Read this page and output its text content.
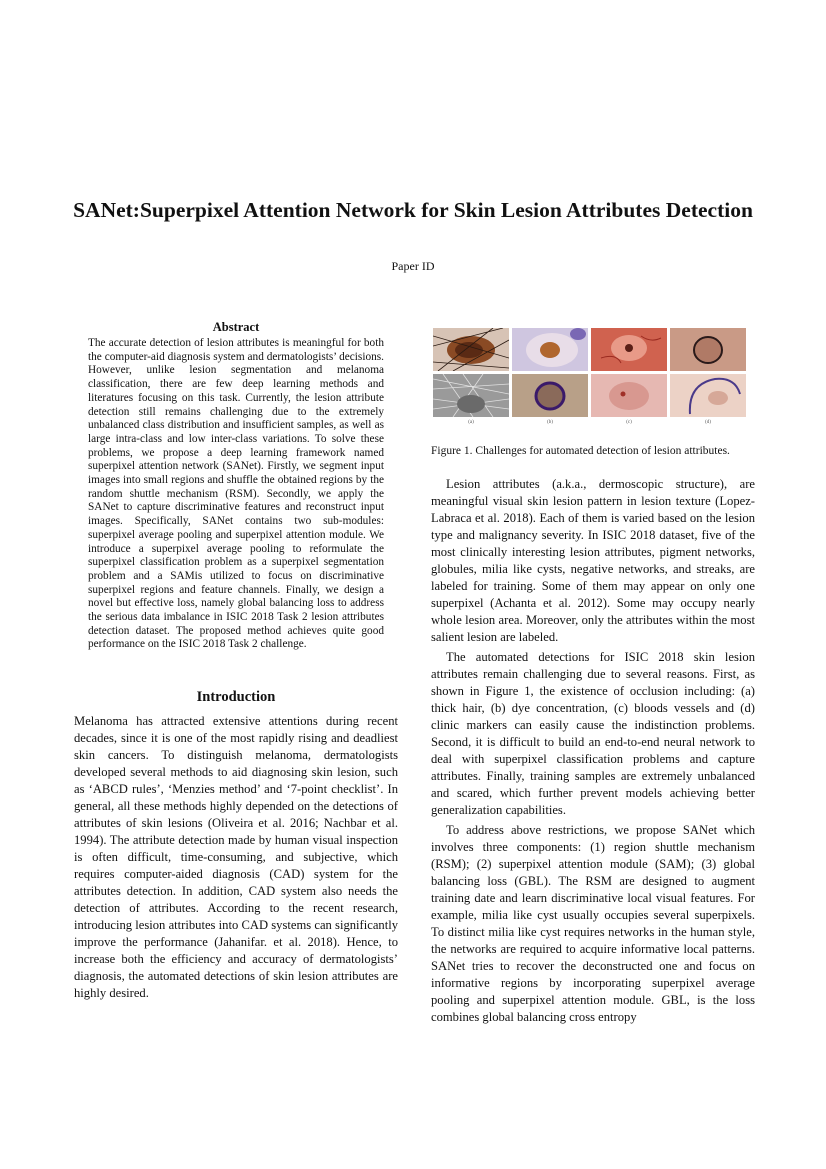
SANet:Superpixel Attention Network for Skin Lesion Attributes Detection
Paper ID
Abstract

The accurate detection of lesion attributes is meaningful for both the computer-aid diagnosis system and dermatologists’ decisions. However, unlike lesion segmentation and melanoma classification, there are few deep learning methods and literatures focusing on this task. Currently, the lesion attribute detection still remains challenging due to the extremely unbalanced class distribution and insufficient samples, as well as large intra-class and low inter-class variations. To solve these problems, we propose a deep learning framework named superpixel attention network (SANet). Firstly, we segment input images into small regions and shuffle the obtained regions by the random shuttle mechanism (RSM). Secondly, we apply the SANet to capture discriminative features and reconstruct input images. Specifically, SANet contains two sub-modules: superpixel average pooling and superpixel attention module. We introduce a superpixel average pooling to reformulate the superpixel classification problem as a superpixel segmentation problem and a SAMis utilized to focus on discriminative superpixel regions and feature channels. Finally, we design a novel but effective loss, namely global balancing loss to address the serious data imbalance in ISIC 2018 Task 2 lesion attributes detection dataset. The proposed method achieves quite good performance on the ISIC 2018 Task 2 challenge.

Introduction

Melanoma has attracted extensive attentions during recent decades, since it is one of the most rapidly rising and deadliest skin cancers. To distinguish melanoma, dermatologists developed several methods to aid diagnosing skin lesion, such as ‘ABCD rules’, ‘Menzies method’ and ‘7-point checklist’. In general, all these methods highly depended on the detections of attributes of skin lesions (Oliveira et al. 2016; Nachbar et al. 1994). The attribute detection made by human visual inspection is often difficult, time-consuming, and subjective, which requires computer-aided diagnosis (CAD) system for the attributes detection. In addition, CAD system also needs the detection of attributes. According to the recent research, introducing lesion attributes into CAD systems can significantly improve the performance (Jahanifar. et al. 2018). Hence, to increase both the efficiency and accuracy of dermatologists’ diagnosis, the automated detections of skin lesion attributes are highly desired.

(a)	(b)	(c)	(d)
Figure 1. Challenges for automated detection of lesion attributes.

Lesion attributes (a.k.a., dermoscopic structure), are meaningful visual skin lesion pattern in lesion texture (Lopez-Labraca et al. 2018). Each of them is varied based on the lesion type and malignancy severity. In ISIC 2018 dataset, five of the most clinically interesting lesion attributes, pigment networks, globules, milia like cysts, negative networks, and streaks, are labeled for training. Some of them may appear on only one superpixel (Achanta et al. 2012). Some may occupy nearly whole lesion area. Moreover, only the attributes within the most salient lesion are labeled.

The automated detections for ISIC 2018 skin lesion attributes remain challenging due to several reasons. First, as shown in Figure 1, the existence of occlusion including: (a) thick hair, (b) dye concentration, (c) bloods vessels and (d) clinic markers can easily cause the indistinction problems. Second, it is difficult to build an end-to-end neural network to deal with superpixel classification problems and capture attributes. Finally, training samples are extremely unbalanced and scared, which further prevent models achieving better generalization capabilities.

To address above restrictions, we propose SANet which involves three components: (1) region shuttle mechanism (RSM); (2) superpixel attention module (SAM); (3) global balancing loss (GBL). The RSM are designed to augment training date and learn discriminative local visual features. For example, milia like cyst usually occupies several superpixels. To distinct milia like cyst requires networks in the human style, the networks are required to acquire informative local patterns. SANet tries to recover the deconstructed one and focus on informative regions by incorporating superpixel average pooling and superpixel attention module. GBL, is the loss combines global balancing cross entropy
